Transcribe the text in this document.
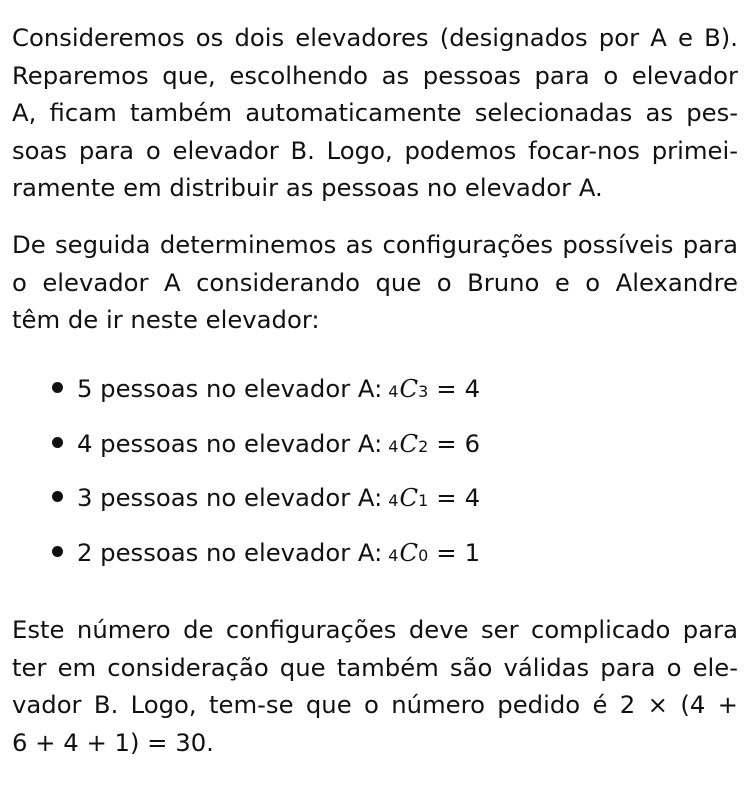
Consideremos os dois elevadores (designados por A e B).
Reparemos que, escolhendo as pessoas para o elevador
A, ficam também automaticamente selecionadas as pes-
soas para o elevador B. Logo, podemos focar-nos primei-
ramente em distribuir as pessoas no elevador A.
De seguida determinemos as configurações possíveis para
o elevador A considerando que o Bruno e o Alexandre
têm de ir neste elevador:
5 pessoas no elevador A: 4 C 3 = 4
4 pessoas no elevador A: 4 C 2 = 6
3 pessoas no elevador A: 4 C 1 = 4
2 pessoas no elevador A: 4 C 0 = 1
Este número de configurações deve ser complicado para
ter em consideração que também são válidas para o ele-
vador B. Logo, tem-se que o número pedido é 2 × (4 +
6 + 4 + 1) = 30.
